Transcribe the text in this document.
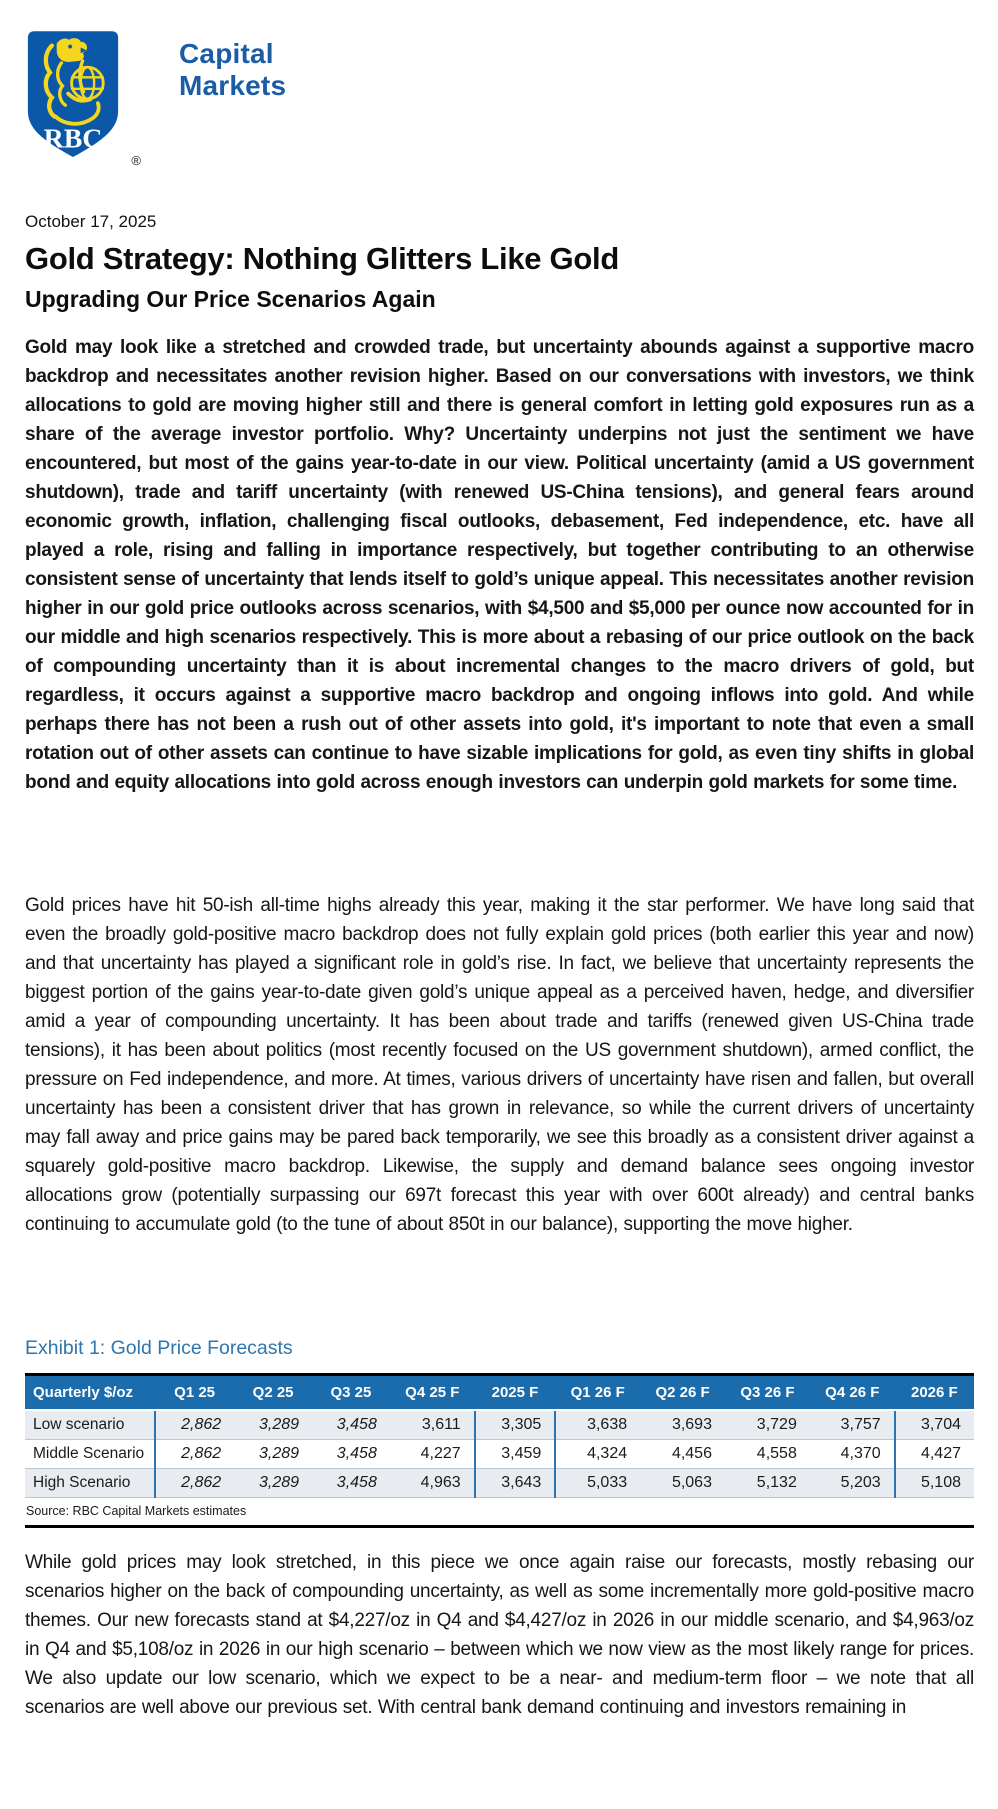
RBC
®
Capital
Markets
October 17, 2025
Gold Strategy: Nothing Glitters Like Gold
Upgrading Our Price Scenarios Again

Gold may look like a stretched and crowded trade, but uncertainty abounds against a supportive macro backdrop and necessitates another revision higher. Based on our conversations with investors, we think allocations to gold are moving higher still and there is general comfort in letting gold exposures run as a share of the average investor portfolio. Why? Uncertainty underpins not just the sentiment we have encountered, but most of the gains year-to-date in our view. Political uncertainty (amid a US government shutdown), trade and tariff uncertainty (with renewed US-China tensions), and general fears around economic growth, inflation, challenging fiscal outlooks, debasement, Fed independence, etc. have all played a role, rising and falling in importance respectively, but together contributing to an otherwise consistent sense of uncertainty that lends itself to gold’s unique appeal. This necessitates another revision higher in our gold price outlooks across scenarios, with $4,500 and $5,000 per ounce now accounted for in our middle and high scenarios respectively. This is more about a rebasing of our price outlook on the back of compounding uncertainty than it is about incremental changes to the macro drivers of gold, but regardless, it occurs against a supportive macro backdrop and ongoing inflows into gold. And while perhaps there has not been a rush out of other assets into gold, it's important to note that even a small rotation out of other assets can continue to have sizable implications for gold, as even tiny shifts in global bond and equity allocations into gold across enough investors can underpin gold markets for some time.

Gold prices have hit 50-ish all-time highs already this year, making it the star performer. We have long said that even the broadly gold-positive macro backdrop does not fully explain gold prices (both earlier this year and now) and that uncertainty has played a significant role in gold’s rise. In fact, we believe that uncertainty represents the biggest portion of the gains year-to-date given gold’s unique appeal as a perceived haven, hedge, and diversifier amid a year of compounding uncertainty. It has been about trade and tariffs (renewed given US-China trade tensions), it has been about politics (most recently focused on the US government shutdown), armed conflict, the pressure on Fed independence, and more. At times, various drivers of uncertainty have risen and fallen, but overall uncertainty has been a consistent driver that has grown in relevance, so while the current drivers of uncertainty may fall away and price gains may be pared back temporarily, we see this broadly as a consistent driver against a squarely gold-positive macro backdrop. Likewise, the supply and demand balance sees ongoing investor allocations grow (potentially surpassing our 697t forecast this year with over 600t already) and central banks continuing to accumulate gold (to the tune of about 850t in our balance), supporting the move higher.

Exhibit 1: Gold Price Forecasts
Quarterly $/oz	Q1 25	Q2 25	Q3 25	Q4 25 F	2025 F	Q1 26 F	Q2 26 F	Q3 26 F	Q4 26 F	2026 F
Low scenario	2,862	3,289	3,458	3,611	3,305	3,638	3,693	3,729	3,757	3,704
Middle Scenario	2,862	3,289	3,458	4,227	3,459	4,324	4,456	4,558	4,370	4,427
High Scenario	2,862	3,289	3,458	4,963	3,643	5,033	5,063	5,132	5,203	5,108
Source: RBC Capital Markets estimates

While gold prices may look stretched, in this piece we once again raise our forecasts, mostly rebasing our scenarios higher on the back of compounding uncertainty, as well as some incrementally more gold-positive macro themes. Our new forecasts stand at $4,227/oz in Q4 and $4,427/oz in 2026 in our middle scenario, and $4,963/oz in Q4 and $5,108/oz in 2026 in our high scenario – between which we now view as the most likely range for prices. We also update our low scenario, which we expect to be a near- and medium-term floor – we note that all scenarios are well above our previous set. With central bank demand continuing and investors remaining in
